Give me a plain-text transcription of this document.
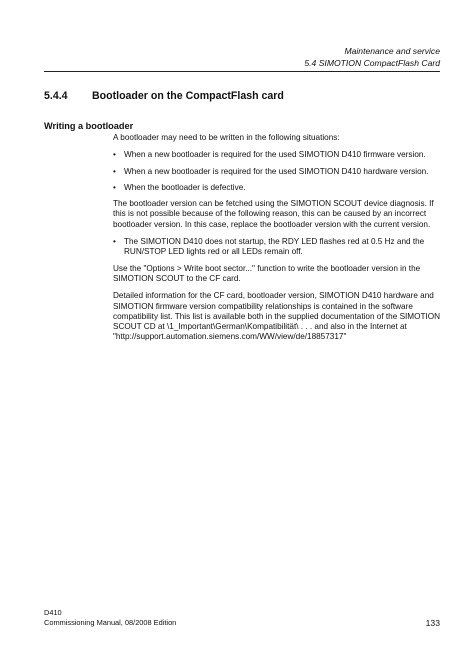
Maintenance and service
5.4 SIMOTION CompactFlash Card
5.4.4 Bootloader on the CompactFlash card
Writing a bootloader

A bootloader may need to be written in the following situations:

• When a new bootloader is required for the used SIMOTION D410 firmware version.
• When a new bootloader is required for the used SIMOTION D410 hardware version.
• When the bootloader is defective.

The bootloader version can be fetched using the SIMOTION SCOUT device diagnosis. If this is not possible because of the following reason, this can be caused by an incorrect bootloader version. In this case, replace the bootloader version with the current version.

• The SIMOTION D410 does not startup, the RDY LED flashes red at 0.5 Hz and the RUN/STOP LED lights red or all LEDs remain off.

Use the "Options > Write boot sector..." function to write the bootloader version in the SIMOTION SCOUT to the CF card.

Detailed information for the CF card, bootloader version, SIMOTION D410 hardware and SIMOTION firmware version compatibility relationships is contained in the software compatibility list. This list is available both in the supplied documentation of the SIMOTION SCOUT CD at \1_Important\German\Kompatibilität\ . . . and also in the Internet at "http://support.automation.siemens.com/WW/view/de/18857317"

D410
Commissioning Manual, 08/2008 Edition	133
